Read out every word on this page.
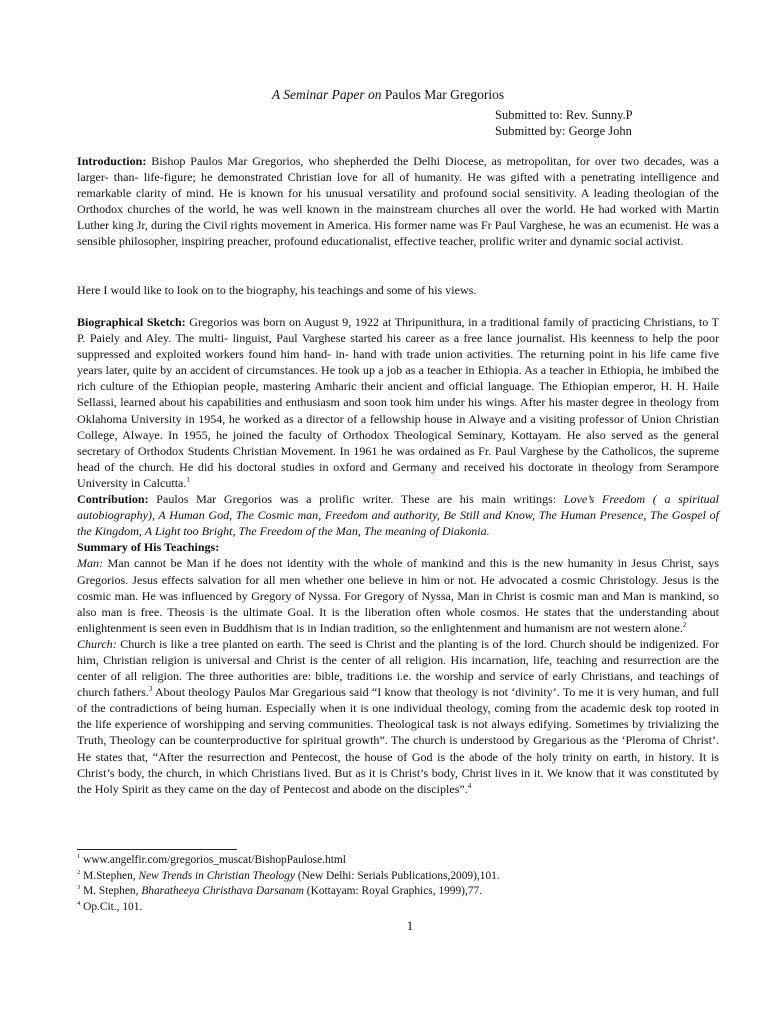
A Seminar Paper on Paulos Mar Gregorios
Submitted to: Rev. Sunny.P
Submitted by: George John

Introduction: Bishop Paulos Mar Gregorios, who shepherded the Delhi Diocese, as metropolitan, for over two decades, was a larger- than- life-figure; he demonstrated Christian love for all of humanity. He was gifted with a penetrating intelligence and remarkable clarity of mind. He is known for his unusual versatility and profound social sensitivity. A leading theologian of the Orthodox churches of the world, he was well known in the mainstream churches all over the world. He had worked with Martin Luther king Jr, during the Civil rights movement in America. His former name was Fr Paul Varghese, he was an ecumenist. He was a sensible philosopher, inspiring preacher, profound educationalist, effective teacher, prolific writer and dynamic social activist.

Here I would like to look on to the biography, his teachings and some of his views.

Biographical Sketch: Gregorios was born on August 9, 1922 at Thripunithura, in a traditional family of practicing Christians, to T P. Paiely and Aley. The multi- linguist, Paul Varghese started his career as a free lance journalist. His keenness to help the poor suppressed and exploited workers found him hand- in- hand with trade union activities. The returning point in his life came five years later, quite by an accident of circumstances. He took up a job as a teacher in Ethiopia. As a teacher in Ethiopia, he imbibed the rich culture of the Ethiopian people, mastering Amharic their ancient and official language. The Ethiopian emperor, H. H. Haile Sellassi, learned about his capabilities and enthusiasm and soon took him under his wings. After his master degree in theology from Oklahoma University in 1954, he worked as a director of a fellowship house in Alwaye and a visiting professor of Union Christian College, Alwaye. In 1955, he joined the faculty of Orthodox Theological Seminary, Kottayam. He also served as the general secretary of Orthodox Students Christian Movement. In 1961 he was ordained as Fr. Paul Varghese by the Catholicos, the supreme head of the church. He did his doctoral studies in oxford and Germany and received his doctorate in theology from Serampore University in Calcutta.$^1$

Contribution: Paulos Mar Gregorios was a prolific writer. These are his main writings: Love’s Freedom ( a spiritual autobiography), A Human God, The Cosmic man, Freedom and authority, Be Still and Know, The Human Presence, The Gospel of the Kingdom, A Light too Bright, The Freedom of the Man, The meaning of Diakonia.

Summary of His Teachings:

Man: Man cannot be Man if he does not identity with the whole of mankind and this is the new humanity in Jesus Christ, says Gregorios. Jesus effects salvation for all men whether one believe in him or not. He advocated a cosmic Christology. Jesus is the cosmic man. He was influenced by Gregory of Nyssa. For Gregory of Nyssa, Man in Christ is cosmic man and Man is mankind, so also man is free. Theosis is the ultimate Goal. It is the liberation often whole cosmos. He states that the understanding about enlightenment is seen even in Buddhism that is in Indian tradition, so the enlightenment and humanism are not western alone.$^2$

Church: Church is like a tree planted on earth. The seed is Christ and the planting is of the lord. Church should be indigenized. For him, Christian religion is universal and Christ is the center of all religion. His incarnation, life, teaching and resurrection are the center of all religion. The three authorities are: bible, traditions i.e. the worship and service of early Christians, and teachings of church fathers.$^3$ About theology Paulos Mar Gregarious said “I know that theology is not ‘divinity’. To me it is very human, and full of the contradictions of being human. Especially when it is one individual theology, coming from the academic desk top rooted in the life experience of worshipping and serving communities. Theological task is not always edifying. Sometimes by trivializing the Truth, Theology can be counterproductive for spiritual growth”. The church is understood by Gregarious as the ‘Pleroma of Christ’. He states that, “After the resurrection and Pentecost, the house of God is the abode of the holy trinity on earth, in history. It is Christ’s body, the church, in which Christians lived. But as it is Christ’s body, Christ lives in it. We know that it was constituted by the Holy Spirit as they came on the day of Pentecost and abode on the disciples”.$^4$

$^1$ www.angelfir.com/gregorios_muscat/BishopPaulose.html
$^2$ M.Stephen, New Trends in Christian Theology (New Delhi: Serials Publications,2009),101.
$^3$ M. Stephen, Bharatheeya Christhava Darsanam (Kottayam: Royal Graphics, 1999),77.
$^4$ Op.Cit., 101.
1
